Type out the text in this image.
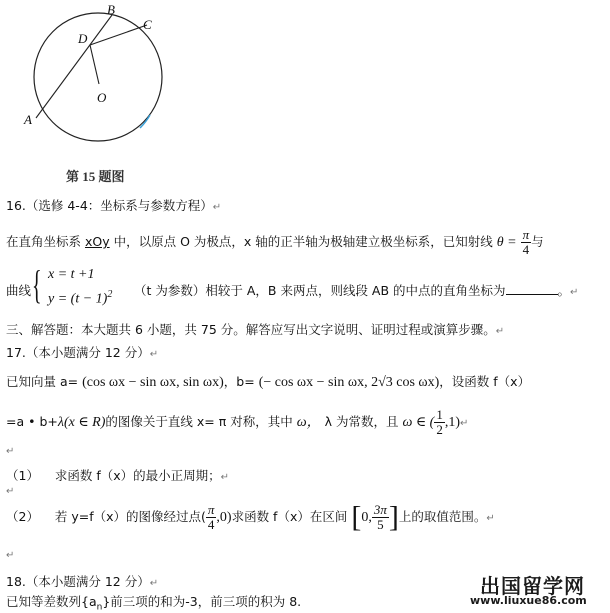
B
C
D
O
A
第 15 题图
16.（选修 4-4：坐标系与参数方程）↵
在直角坐标系 xOy 中，以原点 O 为极点，x 轴的正半轴为极轴建立极坐标系，已知射线 $\theta = \frac{\pi}{4}$ 与
曲线 { x = t +1
$y = (t - 1)^2$ （t 为参数）相较于 A，B 来两点，则线段 AB 的中点的直角坐标为	。↵
三、解答题：本大题共 6 小题，共 75 分。解答应写出文字说明、证明过程或演算步骤。↵
17.（本小题满分 12 分）↵
已知向量 a= (cos ωx − sin ωx, sin ωx)，b= (− cos ωx − sin ωx, 2√3 cos ωx)，设函数 f（x）
=a • b+λ(x ∈ R)的图像关于直线 x= π 对称，其中 ω， λ 为常数，且 ω ∈ ( $\frac{1}{2}$ ,1)↵
↵
（1） 求函数 f（x）的最小正周期；↵
↵
（2） 若 y=f（x）的图像经过点( $\frac{\pi}{4} ,0$)求函数 f（x）在区间 [0, $\frac{3\pi}{5}$ ]上的取值范围。↵
↵
18.（本小题满分 12 分）↵
已知等差数列$\{a_n\}$前三项的和为-3，前三项的积为 8.
出国留学网
www.liuxue86.com
